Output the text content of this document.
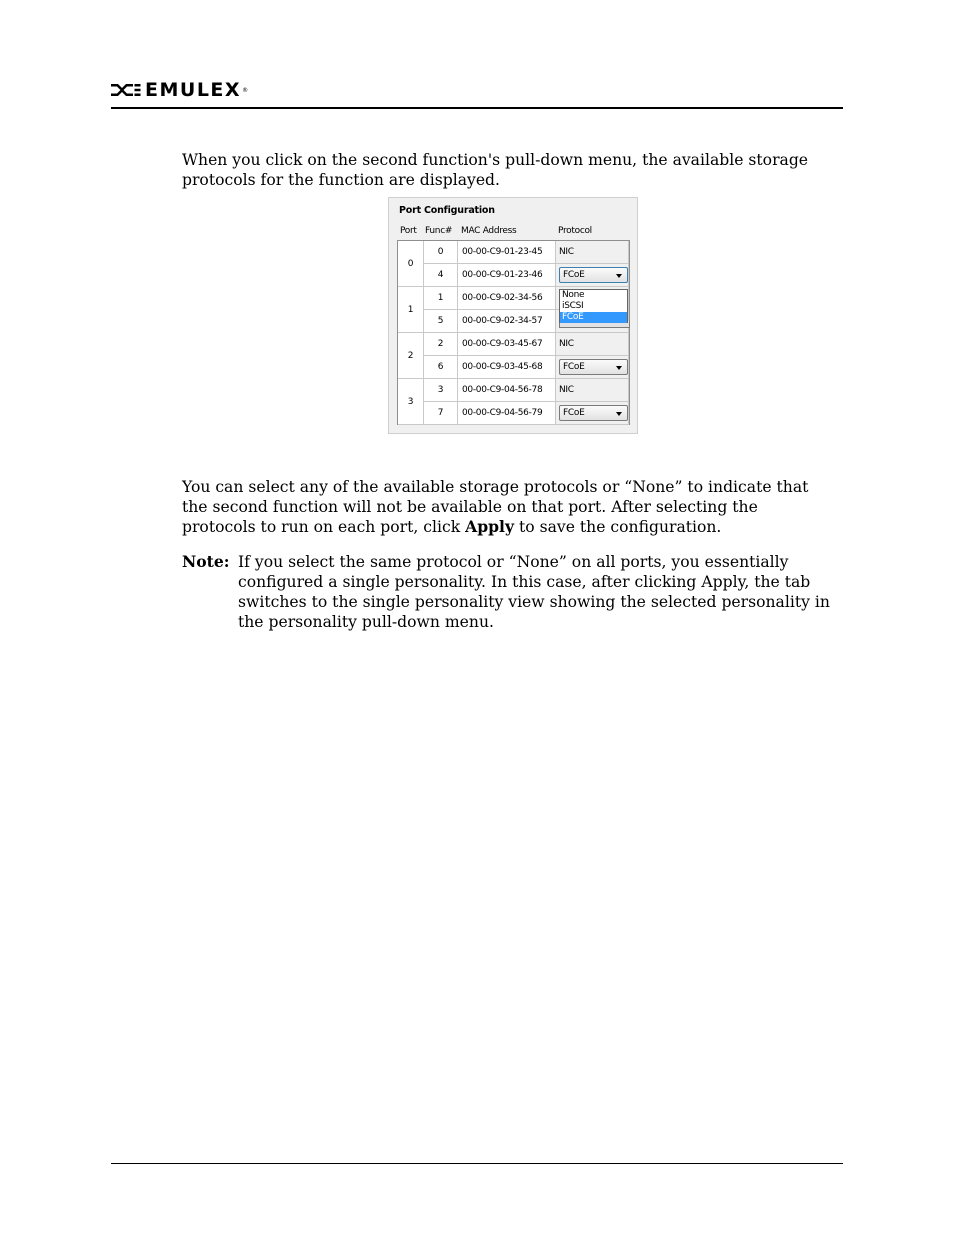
EMULEX ®

When you click on the second function's pull-down menu, the available storage protocols for the function are displayed.

Port Configuration
Port Func# MAC Address	Protocol
0
0	00-00-C9-01-23-45	NIC
4	00-00-C9-01-23-46	FCoE
1
1	00-00-C9-02-34-56
5	00-00-C9-02-34-57
2
2	00-00-C9-03-45-67	NIC
6	00-00-C9-03-45-68	FCoE
3
3	00-00-C9-04-56-78	NIC
7	00-00-C9-04-56-79	FCoE
None
iSCSI
FCoE

You can select any of the available storage protocols or “None” to indicate that the second function will not be available on that port. After selecting the protocols to run on each port, click Apply to save the configuration.

Note: If you select the same protocol or “None” on all ports, you essentially configured a single personality. In this case, after clicking Apply, the tab switches to the single personality view showing the selected personality in the personality pull-down menu.
